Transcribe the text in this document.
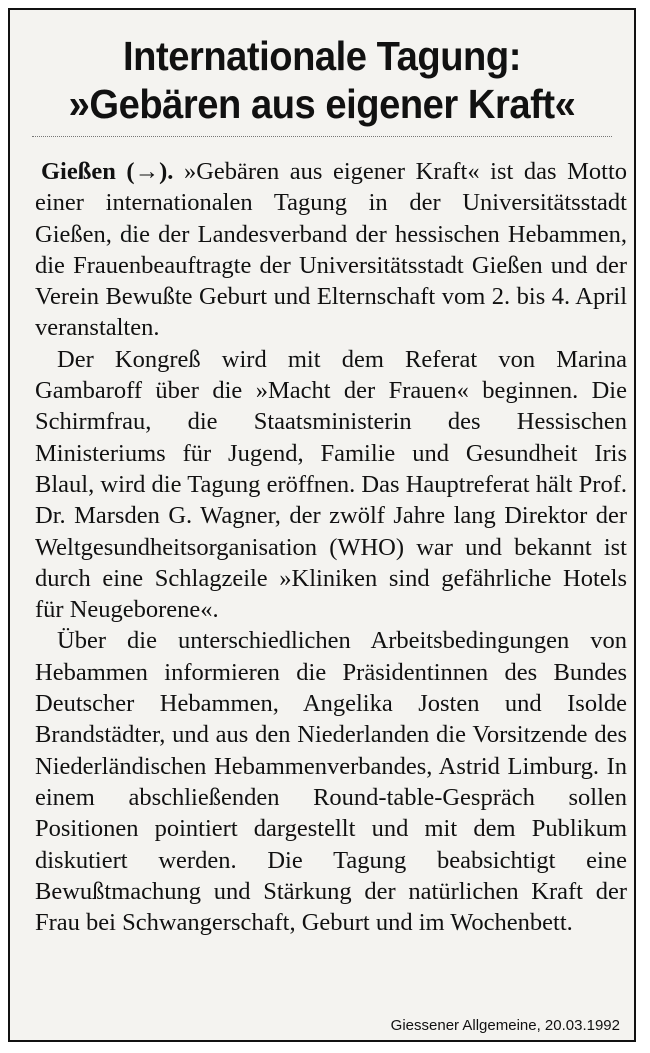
Internationale Tagung:
»Gebären aus eigener Kraft«

Gießen (→). »Gebären aus eigener Kraft« ist das Motto einer internationalen Tagung in der Universitätsstadt Gießen, die der Landesverband der hessischen Hebammen, die Frauenbeauftragte der Universitätsstadt Gießen und der Verein Bewußte Geburt und Elternschaft vom 2. bis 4. April veranstalten.

Der Kongreß wird mit dem Referat von Marina Gambaroff über die »Macht der Frauen« beginnen. Die Schirmfrau, die Staatsministerin des Hessischen Ministeriums für Jugend, Familie und Gesundheit Iris Blaul, wird die Tagung eröffnen. Das Hauptreferat hält Prof. Dr. Marsden G. Wagner, der zwölf Jahre lang Direktor der Weltgesundheitsorganisation (WHO) war und bekannt ist durch eine Schlagzeile »Kliniken sind gefährliche Hotels für Neugeborene«.

Über die unterschiedlichen Arbeitsbedingungen von Hebammen informieren die Präsidentinnen des Bundes Deutscher Hebammen, Angelika Josten und Isolde Brandstädter, und aus den Niederlanden die Vorsitzende des Niederländischen Hebammenverbandes, Astrid Limburg. In einem abschließenden Round-table-Gespräch sollen Positionen pointiert dargestellt und mit dem Publikum diskutiert werden. Die Tagung beabsichtigt eine Bewußtmachung und Stärkung der natürlichen Kraft der Frau bei Schwangerschaft, Geburt und im Wochenbett.

Giessener Allgemeine, 20.03.1992
